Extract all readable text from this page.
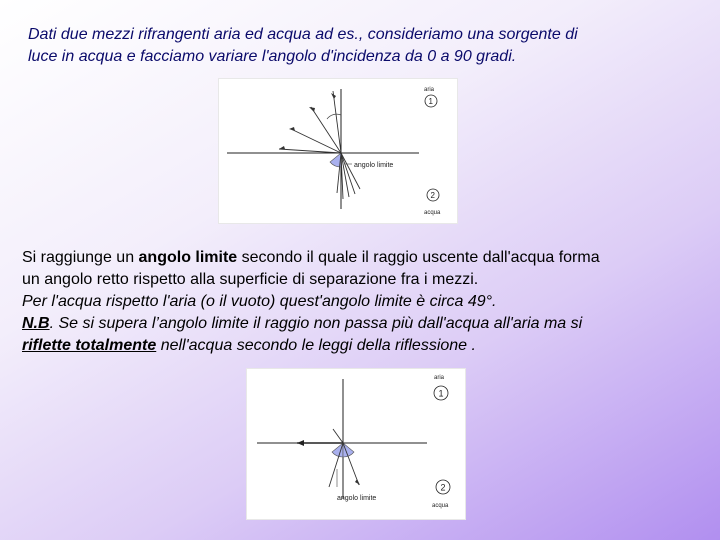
Dati due mezzi rifrangenti aria ed acqua ad es., consideriamo una sorgente di
luce in acqua e facciamo variare l'angolo d'incidenza da 0 a 90 gradi.

angolo limite
aria
1
2
acqua

Si raggiunge un angolo limite secondo il quale il raggio uscente dall'acqua forma

un angolo retto rispetto alla superficie di separazione fra i mezzi.

Per l'acqua rispetto l'aria (o il vuoto) quest'angolo limite è circa 49°.

N.B. Se si supera l’angolo limite il raggio non passa più dall'acqua all'aria ma si

riflette totalmente nell'acqua secondo le leggi della riflessione .

angolo limite
aria
1
2
acqua
